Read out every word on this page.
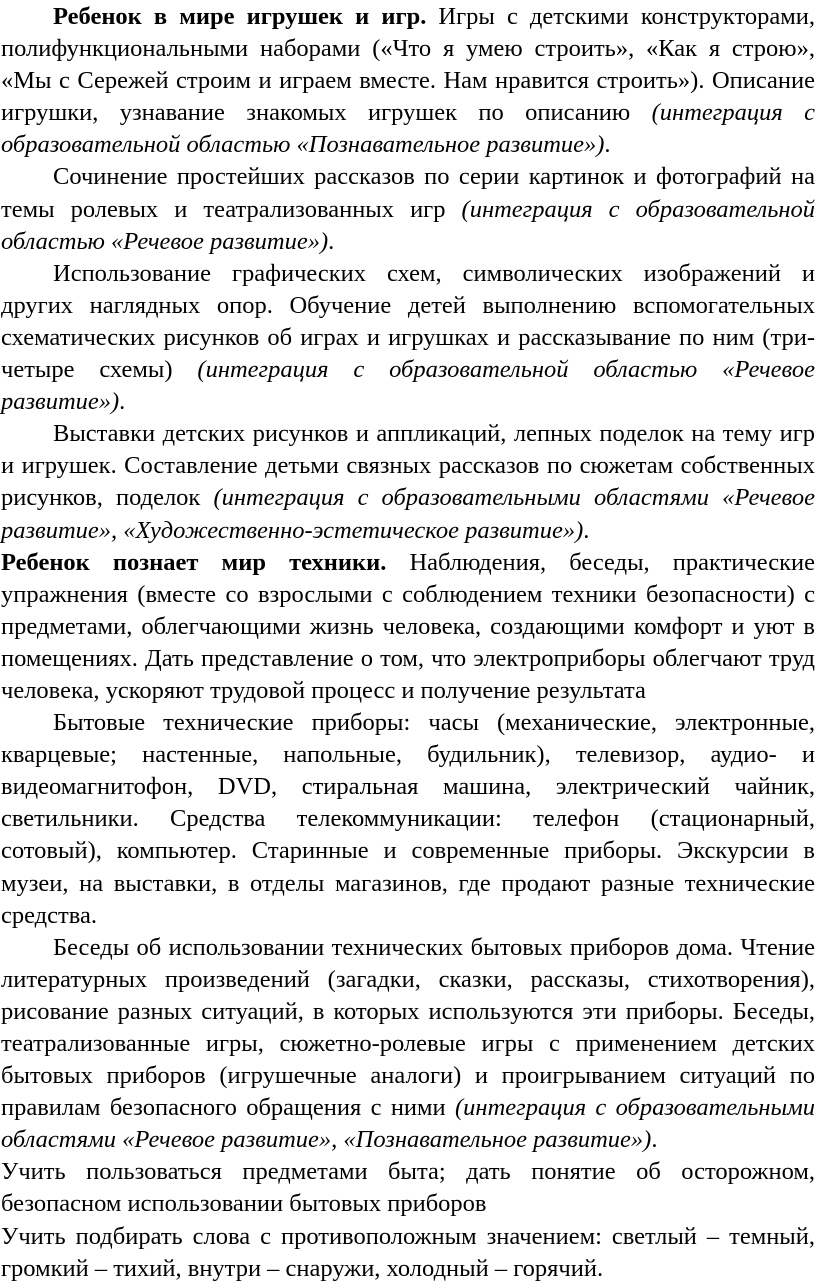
Ребенок в мире игрушек и игр. Игры с детскими конструкторами, полифункциональными наборами («Что я умею строить», «Как я строю», «Мы с Сережей строим и играем вместе. Нам нравится строить»). Описание игрушки, узнавание знакомых игрушек по описанию (интеграция с образовательной областью «Познавательное развитие»).

Сочинение простейших рассказов по серии картинок и фотографий на темы ролевых и театрализованных игр (интеграция с образовательной областью «Речевое развитие»).

Использование графических схем, символических изображений и других наглядных опор. Обучение детей выполнению вспомогательных схематических рисунков об играх и игрушках и рассказывание по ним (три-четыре схемы) (интеграция с образовательной областью «Речевое развитие»).

Выставки детских рисунков и аппликаций, лепных поделок на тему игр и игрушек. Составление детьми связных рассказов по сюжетам собственных рисунков, поделок (интеграция с образовательными областями «Речевое развитие», «Художественно-эстетическое развитие»).

Ребенок познает мир техники. Наблюдения, беседы, практические упражнения (вместе со взрослыми с соблюдением техники безопасности) с предметами, облегчающими жизнь человека, создающими комфорт и уют в помещениях. Дать представление о том, что электроприборы облегчают труд человека, ускоряют трудовой процесс и получение результата

Бытовые технические приборы: часы (механические, электронные, кварцевые; настенные, напольные, будильник), телевизор, аудио- и видеомагнитофон, DVD, стиральная машина, электрический чайник, светильники. Средства телекоммуникации: телефон (стационарный, сотовый), компьютер. Старинные и современные приборы. Экскурсии в музеи, на выставки, в отделы магазинов, где продают разные технические средства.

Беседы об использовании технических бытовых приборов дома. Чтение литературных произведений (загадки, сказки, рассказы, стихотворения), рисование разных ситуаций, в которых используются эти приборы. Беседы, театрализованные игры, сюжетно-ролевые игры с применением детских бытовых приборов (игрушечные аналоги) и проигрыванием ситуаций по правилам безопасного обращения с ними (интеграция с образовательными областями «Речевое развитие», «Познавательное развитие»).

Учить пользоваться предметами быта; дать понятие об осторожном, безопасном использовании бытовых приборов

Учить подбирать слова с противоположным значением: светлый – темный, громкий – тихий, внутри – снаружи, холодный – горячий.
